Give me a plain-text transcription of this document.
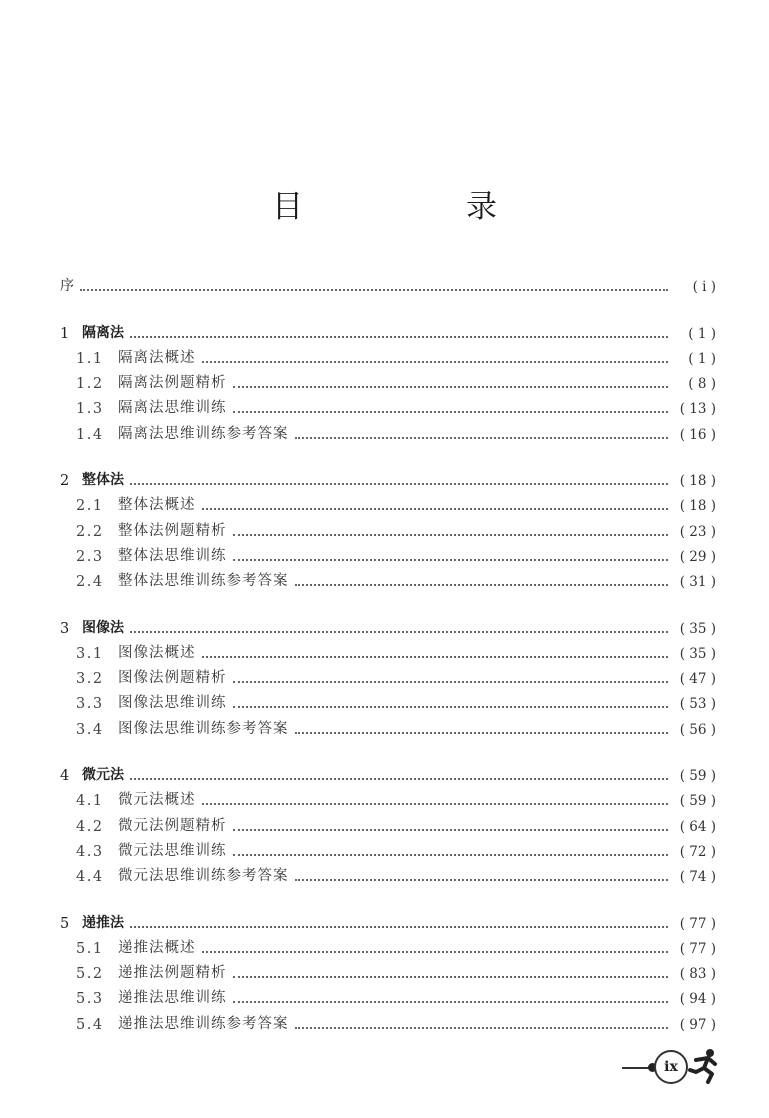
目　录
序	( i )
1 隔离法	( 1 )
1.1 隔离法概述	( 1 )
1.2 隔离法例题精析	( 8 )
1.3 隔离法思维训练	( 13 )
1.4 隔离法思维训练参考答案	( 16 )
2 整体法	( 18 )
2.1 整体法概述	( 18 )
2.2 整体法例题精析	( 23 )
2.3 整体法思维训练	( 29 )
2.4 整体法思维训练参考答案	( 31 )
3 图像法	( 35 )
3.1 图像法概述	( 35 )
3.2 图像法例题精析	( 47 )
3.3 图像法思维训练	( 53 )
3.4 图像法思维训练参考答案	( 56 )
4 微元法	( 59 )
4.1 微元法概述	( 59 )
4.2 微元法例题精析	( 64 )
4.3 微元法思维训练	( 72 )
4.4 微元法思维训练参考答案	( 74 )
5 递推法	( 77 )
5.1 递推法概述	( 77 )
5.2 递推法例题精析	( 83 )
5.3 递推法思维训练	( 94 )
5.4 递推法思维训练参考答案	( 97 )
ix
